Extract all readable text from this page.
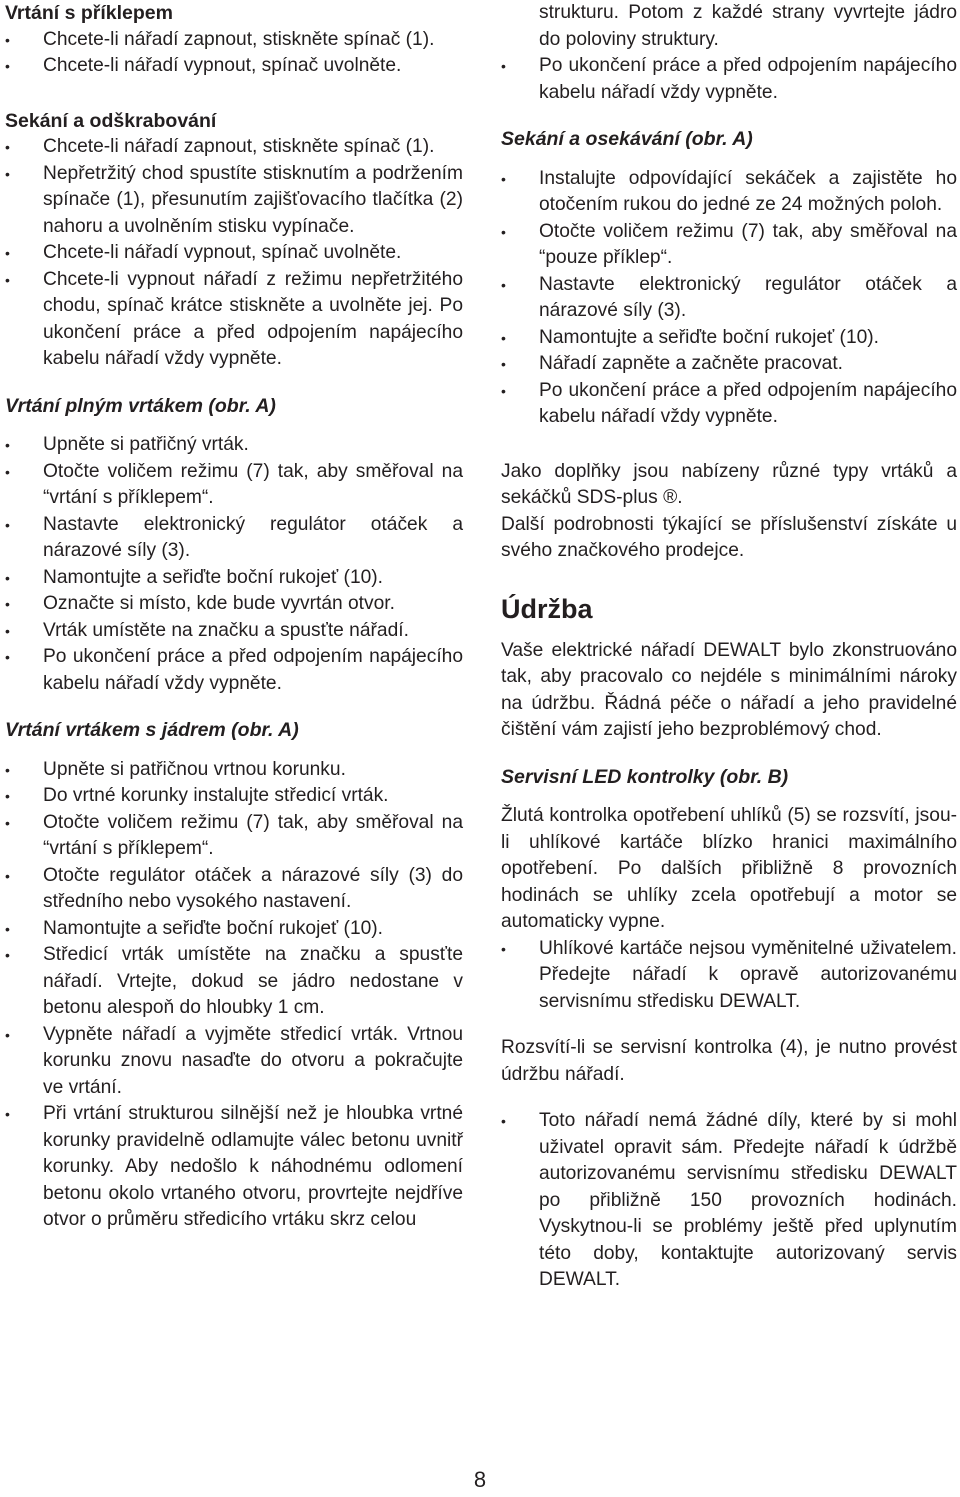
Vrtání s příklepem
• Chcete-li nářadí zapnout, stiskněte spínač (1).
• Chcete-li nářadí vypnout, spínač uvolněte.
Sekání a odškrabování
• Chcete-li nářadí zapnout, stiskněte spínač (1).
• Nepřetržitý chod spustíte stisknutím a podržením spínače (1), přesunutím zajišťovacího tlačítka (2) nahoru a uvolněním stisku vypínače.
• Chcete-li nářadí vypnout, spínač uvolněte.
• Chcete-li vypnout nářadí z režimu nepřetržitého chodu, spínač krátce stiskněte a uvolněte jej. Po ukončení práce a před odpojením napájecího kabelu nářadí vždy vypněte.
Vrtání plným vrtákem (obr. A)
• Upněte si patřičný vrták.
• Otočte voličem režimu (7) tak, aby směřoval na “vrtání s příklepem“.
• Nastavte elektronický regulátor otáček a nárazové síly (3).
• Namontujte a seřiďte boční rukojeť (10).
• Označte si místo, kde bude vyvrtán otvor.
• Vrták umístěte na značku a spusťte nářadí.
• Po ukončení práce a před odpojením napájecího kabelu nářadí vždy vypněte.
Vrtání vrtákem s jádrem (obr. A)
• Upněte si patřičnou vrtnou korunku.
• Do vrtné korunky instalujte středicí vrták.
• Otočte voličem režimu (7) tak, aby směřoval na “vrtání s příklepem“.
• Otočte regulátor otáček a nárazové síly (3) do středního nebo vysokého nastavení.
• Namontujte a seřiďte boční rukojeť (10).
• Středicí vrták umístěte na značku a spusťte nářadí. Vrtejte, dokud se jádro nedostane v betonu alespoň do hloubky 1 cm.
• Vypněte nářadí a vyjměte středicí vrták. Vrtnou korunku znovu nasaďte do otvoru a pokračujte ve vrtání.
• Při vrtání strukturou silnější než je hloubka vrtné korunky pravidelně odlamujte válec betonu uvnitř korunky. Aby nedošlo k náhodnému odlomení betonu okolo vrtaného otvoru, provrtejte nejdříve otvor o průměru středicího vrtáku skrz celou

strukturu. Potom z každé strany vyvrtejte jádro do poloviny struktury.

• Po ukončení práce a před odpojením napájecího kabelu nářadí vždy vypněte.
Sekání a osekávání (obr. A)
• Instalujte odpovídající sekáček a zajistěte ho otočením rukou do jedné ze 24 možných poloh.
• Otočte voličem režimu (7) tak, aby směřoval na “pouze příklep“.
• Nastavte elektronický regulátor otáček a nárazové síly (3).
• Namontujte a seřiďte boční rukojeť (10).
• Nářadí zapněte a začněte pracovat.
• Po ukončení práce a před odpojením napájecího kabelu nářadí vždy vypněte.

Jako doplňky jsou nabízeny různé typy vrtáků a sekáčků SDS-plus ®.

Další podrobnosti týkající se příslušenství získáte u svého značkového prodejce.

Údržba

Vaše elektrické nářadí DEWALT bylo zkonstruováno tak, aby pracovalo co nejdéle s minimálními nároky na údržbu. Řádná péče o nářadí a jeho pravidelné čištění vám zajistí jeho bezproblémový chod.

Servisní LED kontrolky (obr. B)

Žlutá kontrolka opotřebení uhlíků (5) se rozsvítí, jsou-li uhlíkové kartáče blízko hranici maximálního opotřebení. Po dalších přibližně 8 provozních hodinách se uhlíky zcela opotřebují a motor se automaticky vypne.

• Uhlíkové kartáče nejsou vyměnitelné uživatelem. Předejte nářadí k opravě autorizovanému servisnímu středisku DEWALT.

Rozsvítí-li se servisní kontrolka (4), je nutno provést údržbu nářadí.

• Toto nářadí nemá žádné díly, které by si mohl uživatel opravit sám. Předejte nářadí k údržbě autorizovanému servisnímu středisku DEWALT po přibližně 150 provozních hodinách. Vyskytnou-li se problémy ještě před uplynutím této doby, kontaktujte autorizovaný servis DEWALT.
8
